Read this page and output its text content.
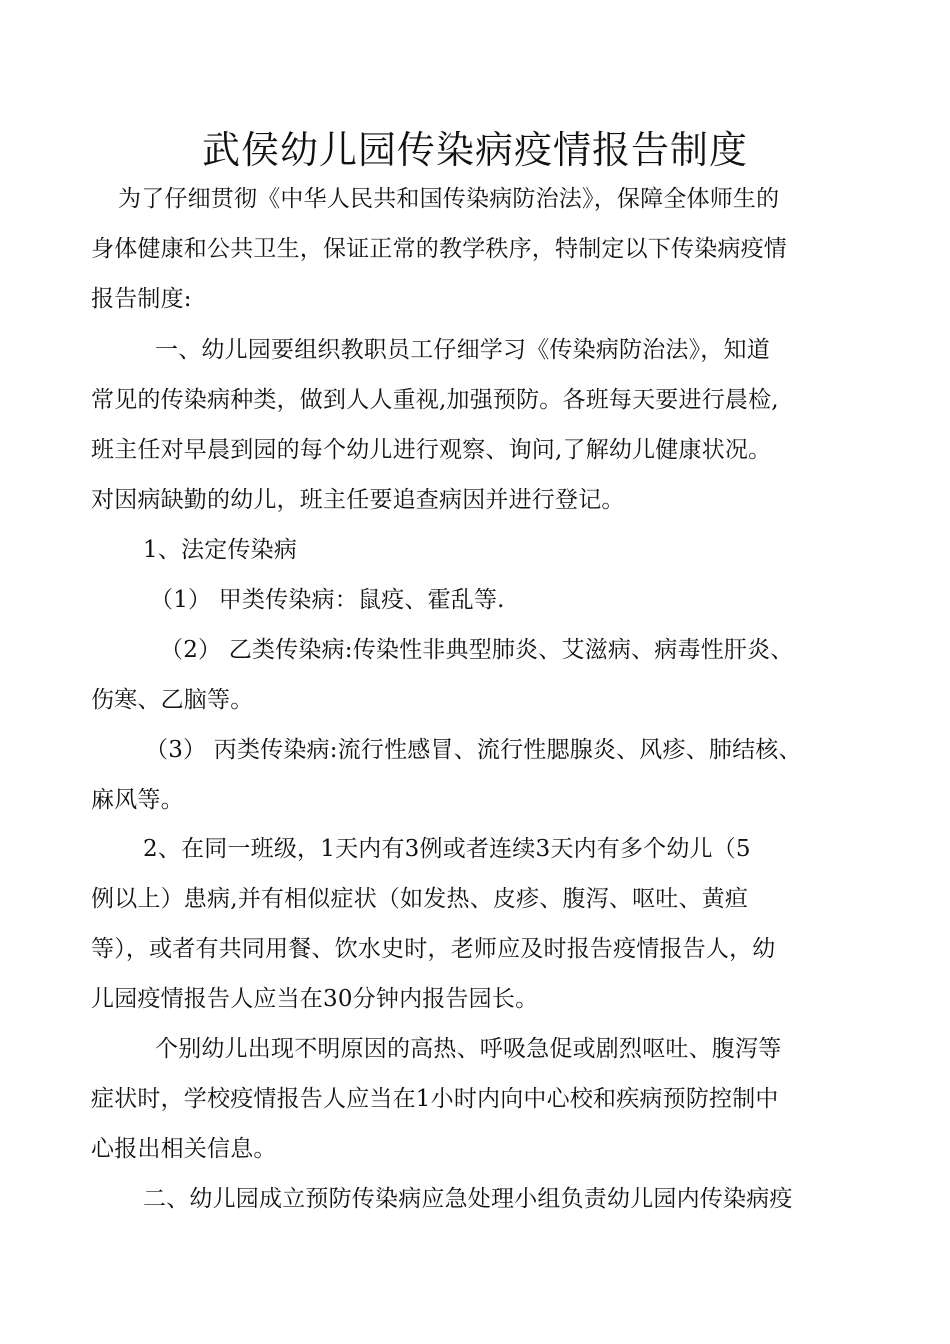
武侯幼儿园传染病疫情报告制度
为了仔细贯彻《中华人民共和国传染病防治法》，保障全体师生的
身体健康和公共卫生，保证正常的教学秩序，特制定以下传染病疫情
报告制度:
一、幼儿园要组织教职员工仔细学习《传染病防治法》，知道
常见的传染病种类，做到人人重视,加强预防。各班每天要进行晨检,
班主任对早晨到园的每个幼儿进行观察、询问,了解幼儿健康状况。
对因病缺勤的幼儿，班主任要追查病因并进行登记。
1、法定传染病
（1） 甲类传染病：鼠疫、霍乱等.
（2） 乙类传染病:传染性非典型肺炎、艾滋病、病毒性肝炎、
伤寒、乙脑等。
（3） 丙类传染病:流行性感冒、流行性腮腺炎、风疹、肺结核、
麻风等。
2、在同一班级，1天内有3例或者连续3天内有多个幼儿（5
例以上）患病,并有相似症状（如发热、皮疹、腹泻、呕吐、黄疸
等），或者有共同用餐、饮水史时，老师应及时报告疫情报告人，幼
儿园疫情报告人应当在30分钟内报告园长。
个别幼儿出现不明原因的高热、呼吸急促或剧烈呕吐、腹泻等
症状时，学校疫情报告人应当在1小时内向中心校和疾病预防控制中
心报出相关信息。
二、幼儿园成立预防传染病应急处理小组负责幼儿园内传染病疫
